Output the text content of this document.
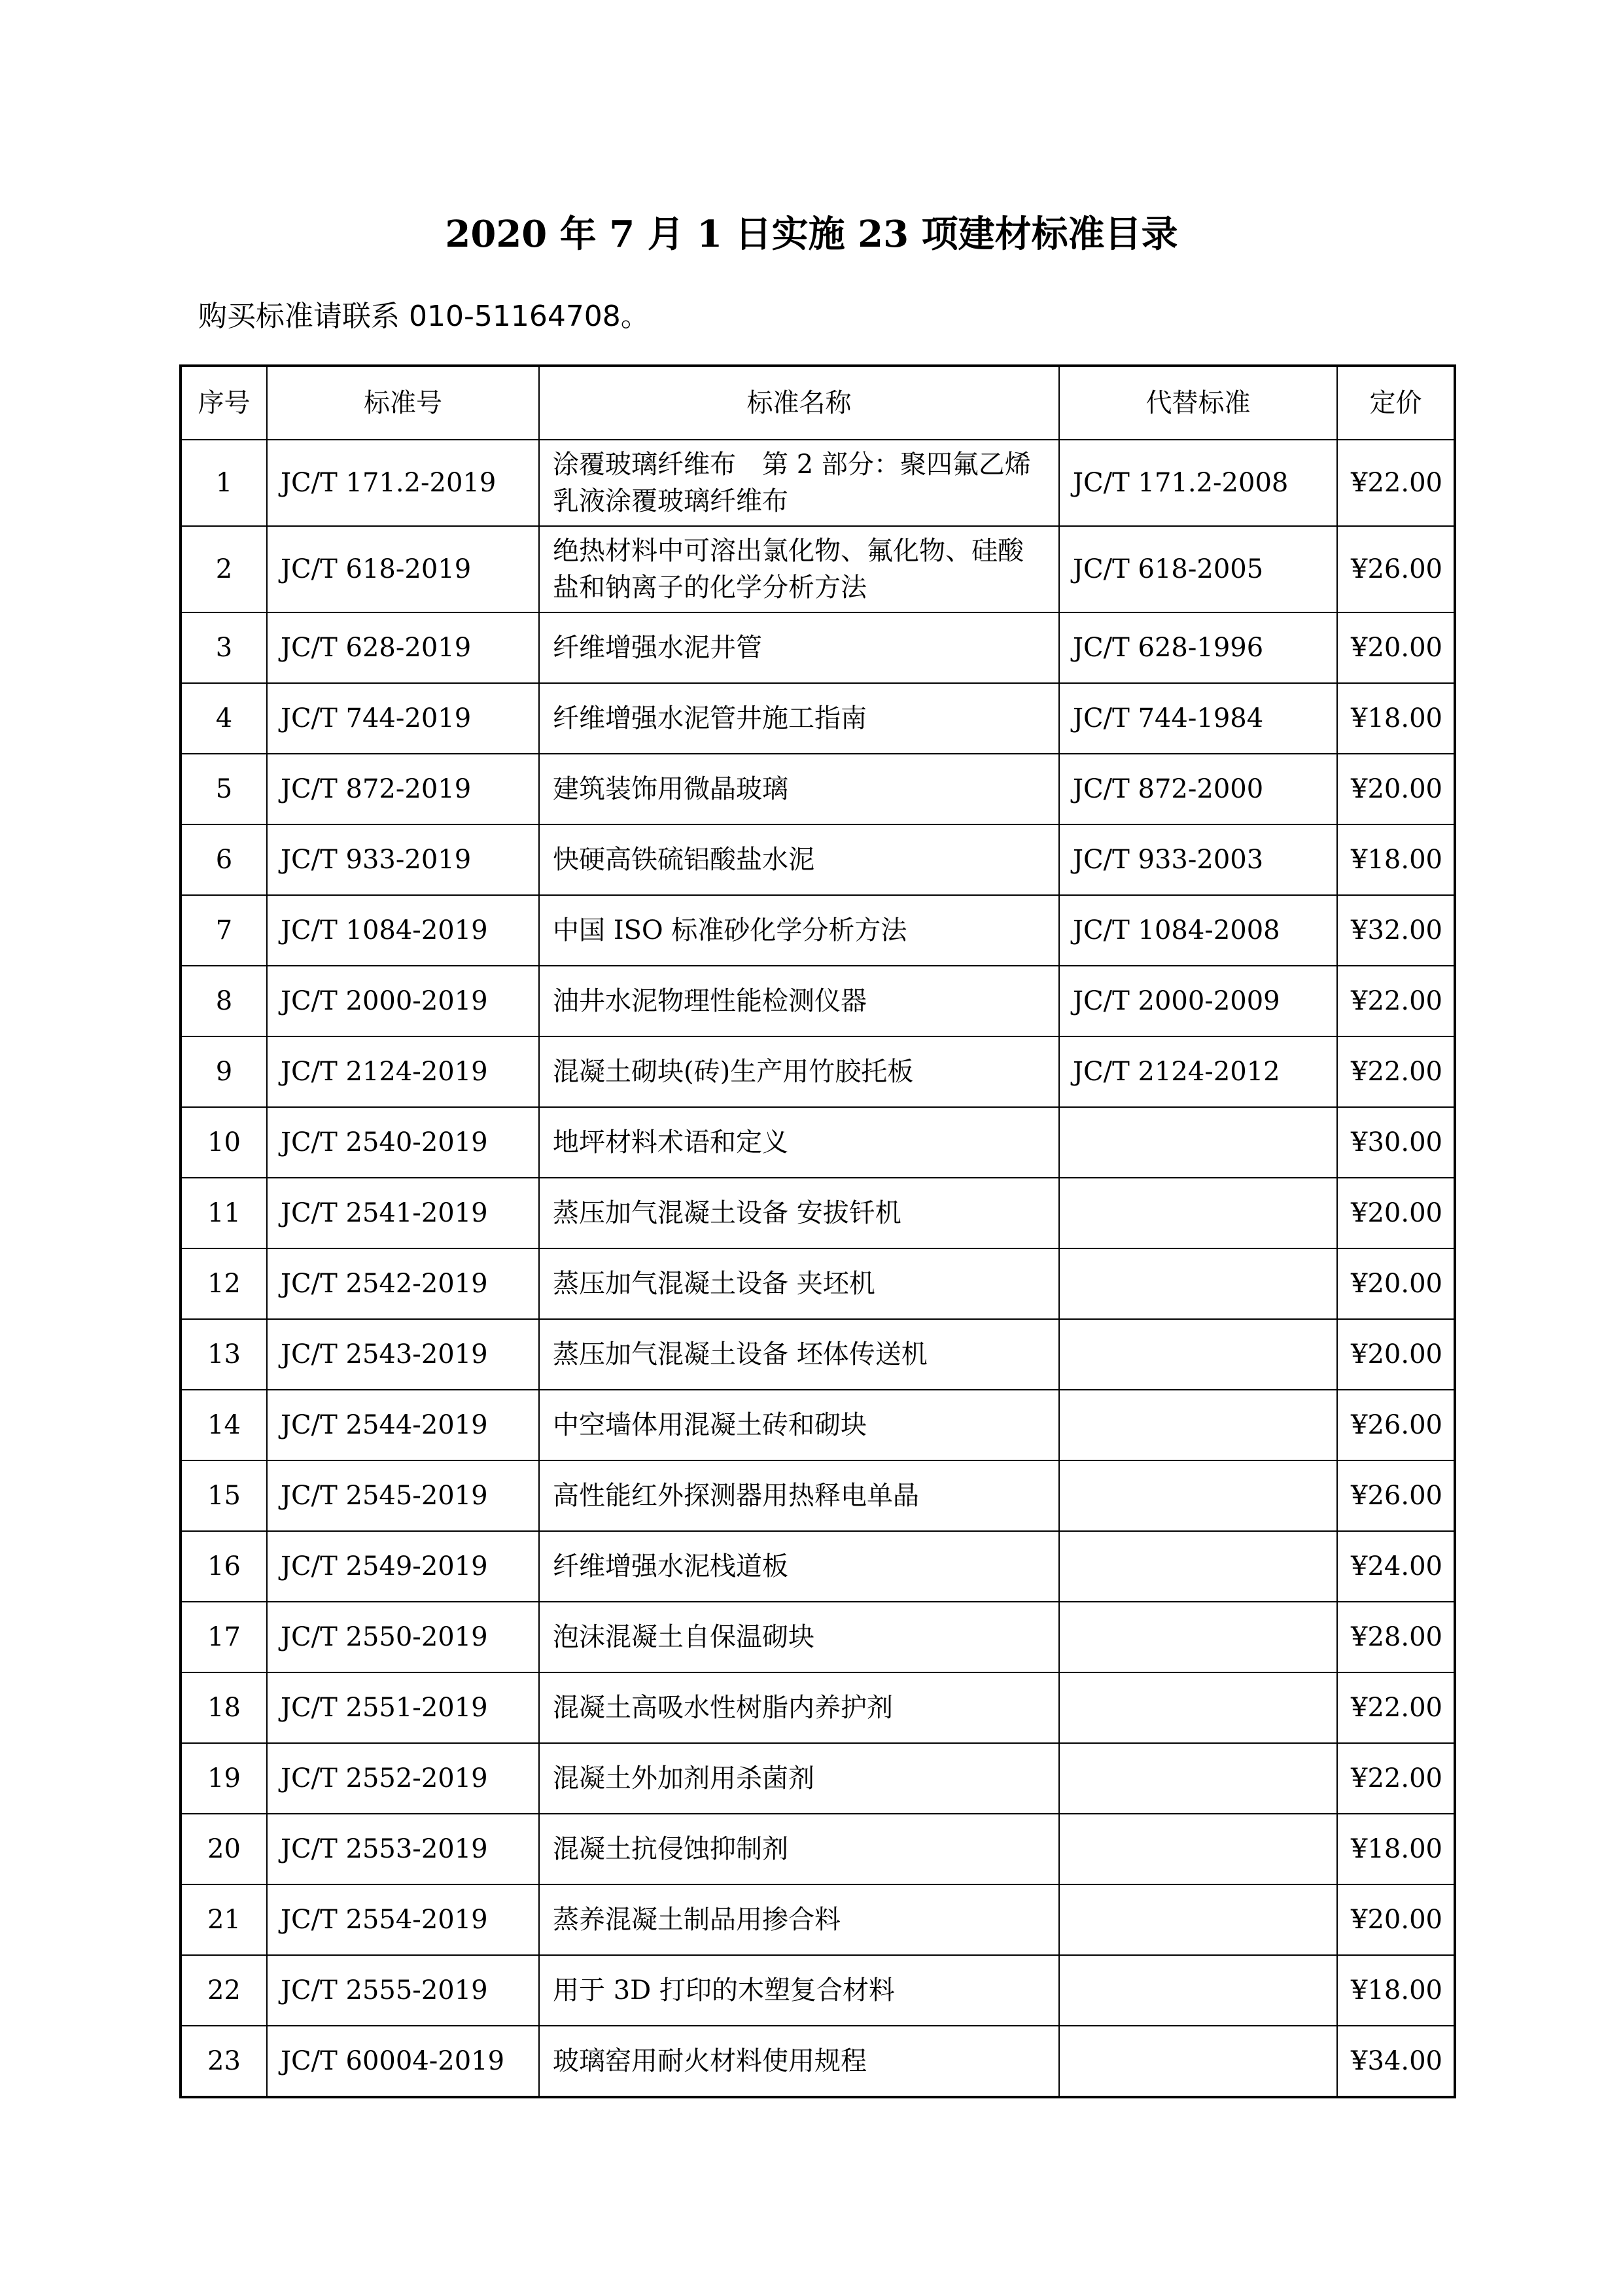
2020 年 7 月 1 日实施 23 项建材标准目录

购买标准请联系 010-51164708。

序号	标准号	标准名称	代替标准	定价
1	JC/T 171.2-2019	涂覆玻璃纤维布　第 2 部分：聚四氟乙烯乳液涂覆玻璃纤维布	JC/T 171.2-2008	¥22.00
2	JC/T 618-2019	绝热材料中可溶出氯化物、氟化物、硅酸盐和钠离子的化学分析方法	JC/T 618-2005	¥26.00
3	JC/T 628-2019	纤维增强水泥井管	JC/T 628-1996	¥20.00
4	JC/T 744-2019	纤维增强水泥管井施工指南	JC/T 744-1984	¥18.00
5	JC/T 872-2019	建筑装饰用微晶玻璃	JC/T 872-2000	¥20.00
6	JC/T 933-2019	快硬高铁硫铝酸盐水泥	JC/T 933-2003	¥18.00
7	JC/T 1084-2019	中国 ISO 标准砂化学分析方法	JC/T 1084-2008	¥32.00
8	JC/T 2000-2019	油井水泥物理性能检测仪器	JC/T 2000-2009	¥22.00
9	JC/T 2124-2019	混凝土砌块(砖)生产用竹胶托板	JC/T 2124-2012	¥22.00
10	JC/T 2540-2019	地坪材料术语和定义		¥30.00
11	JC/T 2541-2019	蒸压加气混凝土设备 安拔钎机		¥20.00
12	JC/T 2542-2019	蒸压加气混凝土设备 夹坯机		¥20.00
13	JC/T 2543-2019	蒸压加气混凝土设备 坯体传送机		¥20.00
14	JC/T 2544-2019	中空墙体用混凝土砖和砌块		¥26.00
15	JC/T 2545-2019	高性能红外探测器用热释电单晶		¥26.00
16	JC/T 2549-2019	纤维增强水泥栈道板		¥24.00
17	JC/T 2550-2019	泡沫混凝土自保温砌块		¥28.00
18	JC/T 2551-2019	混凝土高吸水性树脂内养护剂		¥22.00
19	JC/T 2552-2019	混凝土外加剂用杀菌剂		¥22.00
20	JC/T 2553-2019	混凝土抗侵蚀抑制剂		¥18.00
21	JC/T 2554-2019	蒸养混凝土制品用掺合料		¥20.00
22	JC/T 2555-2019	用于 3D 打印的木塑复合材料		¥18.00
23	JC/T 60004-2019	玻璃窑用耐火材料使用规程		¥34.00
